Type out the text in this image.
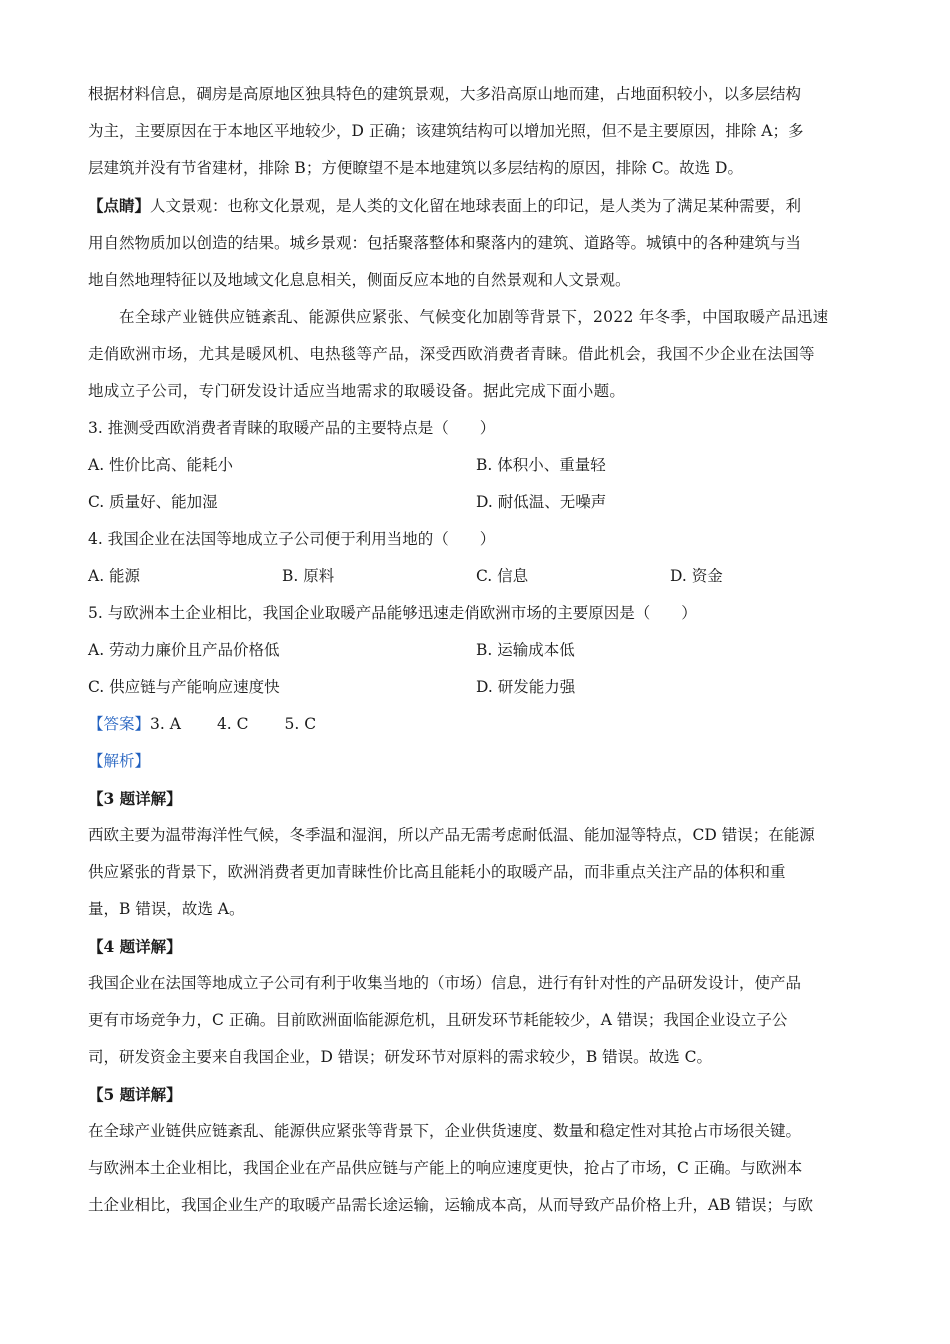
根据材料信息，碉房是高原地区独具特色的建筑景观，大多沿高原山地而建，占地面积较小，以多层结构

为主，主要原因在于本地区平地较少，D 正确；该建筑结构可以增加光照，但不是主要原因，排除 A；多

层建筑并没有节省建材，排除 B；方便瞭望不是本地建筑以多层结构的原因，排除 C。故选 D。

【点睛】人文景观：也称文化景观，是人类的文化留在地球表面上的印记，是人类为了满足某种需要，利

用自然物质加以创造的结果。城乡景观：包括聚落整体和聚落内的建筑、道路等。城镇中的各种建筑与当

地自然地理特征以及地域文化息息相关，侧面反应本地的自然景观和人文景观。

在全球产业链供应链紊乱、能源供应紧张、气候变化加剧等背景下，2022 年冬季，中国取暖产品迅速

走俏欧洲市场，尤其是暖风机、电热毯等产品，深受西欧消费者青睐。借此机会，我国不少企业在法国等

地成立子公司，专门研发设计适应当地需求的取暖设备。据此完成下面小题。

3. 推测受西欧消费者青睐的取暖产品的主要特点是（　　）

A. 性价比高、能耗小	B. 体积小、重量轻
C. 质量好、能加湿	D. 耐低温、无噪声

4. 我国企业在法国等地成立子公司便于利用当地的（　　）

A. 能源	B. 原料	C. 信息	D. 资金

5. 与欧洲本土企业相比，我国企业取暖产品能够迅速走俏欧洲市场的主要原因是（　　）

A. 劳动力廉价且产品价格低	B. 运输成本低
C. 供应链与产能响应速度快	D. 研发能力强

【答案】3. A 4. C 5. C

【解析】

【3 题详解】

西欧主要为温带海洋性气候，冬季温和湿润，所以产品无需考虑耐低温、能加湿等特点，CD 错误；在能源

供应紧张的背景下，欧洲消费者更加青睐性价比高且能耗小的取暖产品，而非重点关注产品的体积和重

量，B 错误，故选 A。

【4 题详解】

我国企业在法国等地成立子公司有利于收集当地的（市场）信息，进行有针对性的产品研发设计，使产品

更有市场竞争力，C 正确。目前欧洲面临能源危机，且研发环节耗能较少，A 错误；我国企业设立子公

司，研发资金主要来自我国企业，D 错误；研发环节对原料的需求较少，B 错误。故选 C。

【5 题详解】

在全球产业链供应链紊乱、能源供应紧张等背景下，企业供货速度、数量和稳定性对其抢占市场很关键。

与欧洲本土企业相比，我国企业在产品供应链与产能上的响应速度更快，抢占了市场，C 正确。与欧洲本

土企业相比，我国企业生产的取暖产品需长途运输，运输成本高，从而导致产品价格上升，AB 错误；与欧
